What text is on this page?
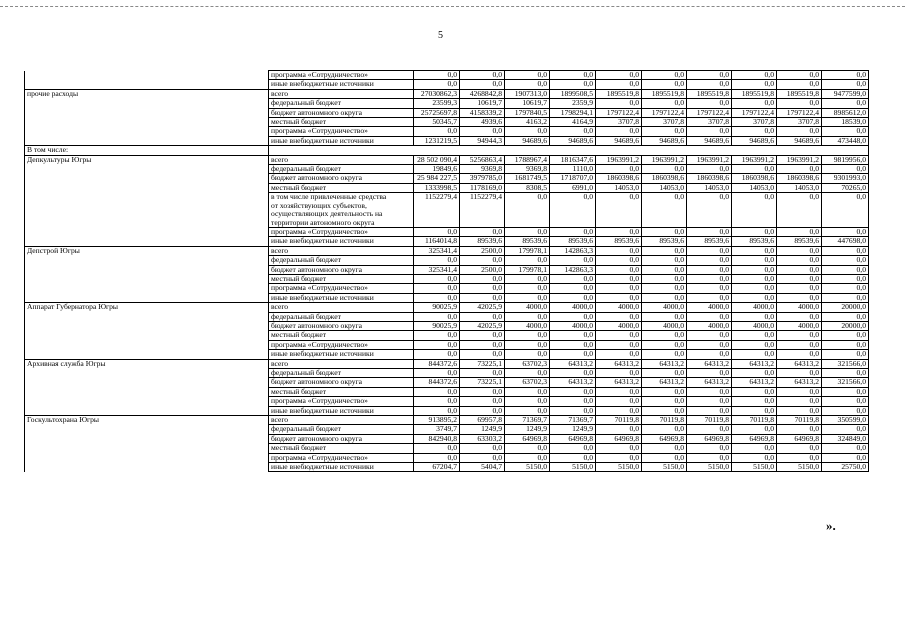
5
	программа «Сотрудничество»	0,0	0,0	0,0	0,0	0,0	0,0	0,0	0,0	0,0	0,0
	иные внебюджетные источники	0,0	0,0	0,0	0,0	0,0	0,0	0,0	0,0	0,0	0,0
прочие расходы	всего	27030862,3	4268842,8	1907313,0	1899508,5	1895519,8	1895519,8	1895519,8	1895519,8	1895519,8	9477599,0
	федеральный бюджет	23599,3	10619,7	10619,7	2359,9	0,0	0,0	0,0	0,0	0,0	0,0
	бюджет автономного округа	25725697,8	4158339,2	1797840,5	1798294,1	1797122,4	1797122,4	1797122,4	1797122,4	1797122,4	8985612,0
	местный бюджет	50345,7	4939,6	4163,2	4164,9	3707,8	3707,8	3707,8	3707,8	3707,8	18539,0
	программа «Сотрудничество»	0,0	0,0	0,0	0,0	0,0	0,0	0,0	0,0	0,0	0,0
	иные внебюджетные источники	1231219,5	94944,3	94689,6	94689,6	94689,6	94689,6	94689,6	94689,6	94689,6	473448,0
В том числе:											
Депкультуры Югры	всего	28 502 090,4	5256863,4	1788967,4	1816347,6	1963991,2	1963991,2	1963991,2	1963991,2	1963991,2	9819956,0
	федеральный бюджет	19849,6	9369,8	9369,8	1110,0	0,0	0,0	0,0	0,0	0,0	0,0
	бюджет автономного округа	25 984 227,5	3979785,0	1681749,5	1718707,0	1860398,6	1860398,6	1860398,6	1860398,6	1860398,6	9301993,0
	местный бюджет	1333998,5	1178169,0	8308,5	6991,0	14053,0	14053,0	14053,0	14053,0	14053,0	70265,0

	в том числе привлеченные средства
от хозяйствующих субъектов,
осуществляющих деятельность на
территории автономного округа	1152279,4	1152279,4	0,0	0,0	0,0	0,0	0,0	0,0	0,0	0,0
	программа «Сотрудничество»	0,0	0,0	0,0	0,0	0,0	0,0	0,0	0,0	0,0	0,0
	иные внебюджетные источники	1164014,8	89539,6	89539,6	89539,6	89539,6	89539,6	89539,6	89539,6	89539,6	447698,0
Депстрой Югры	всего	325341,4	2500,0	179978,1	142863,3	0,0	0,0	0,0	0,0	0,0	0,0
	федеральный бюджет	0,0	0,0	0,0	0,0	0,0	0,0	0,0	0,0	0,0	0,0
	бюджет автономного округа	325341,4	2500,0	179978,1	142863,3	0,0	0,0	0,0	0,0	0,0	0,0
	местный бюджет	0,0	0,0	0,0	0,0	0,0	0,0	0,0	0,0	0,0	0,0
	программа «Сотрудничество»	0,0	0,0	0,0	0,0	0,0	0,0	0,0	0,0	0,0	0,0
	иные внебюджетные источники	0,0	0,0	0,0	0,0	0,0	0,0	0,0	0,0	0,0	0,0
Аппарат Губернатора Югры	всего	90025,9	42025,9	4000,0	4000,0	4000,0	4000,0	4000,0	4000,0	4000,0	20000,0
	федеральный бюджет	0,0	0,0	0,0	0,0	0,0	0,0	0,0	0,0	0,0	0,0
	бюджет автономного округа	90025,9	42025,9	4000,0	4000,0	4000,0	4000,0	4000,0	4000,0	4000,0	20000,0
	местный бюджет	0,0	0,0	0,0	0,0	0,0	0,0	0,0	0,0	0,0	0,0
	программа «Сотрудничество»	0,0	0,0	0,0	0,0	0,0	0,0	0,0	0,0	0,0	0,0
	иные внебюджетные источники	0,0	0,0	0,0	0,0	0,0	0,0	0,0	0,0	0,0	0,0
Архивная служба Югры	всего	844372,6	73225,1	63702,3	64313,2	64313,2	64313,2	64313,2	64313,2	64313,2	321566,0
	федеральный бюджет	0,0	0,0	0,0	0,0	0,0	0,0	0,0	0,0	0,0	0,0
	бюджет автономного округа	844372,6	73225,1	63702,3	64313,2	64313,2	64313,2	64313,2	64313,2	64313,2	321566,0
	местный бюджет	0,0	0,0	0,0	0,0	0,0	0,0	0,0	0,0	0,0	0,0
	программа «Сотрудничество»	0,0	0,0	0,0	0,0	0,0	0,0	0,0	0,0	0,0	0,0
	иные внебюджетные источники	0,0	0,0	0,0	0,0	0,0	0,0	0,0	0,0	0,0	0,0
Госкультохрана Югры	всего	913895,2	69957,8	71369,7	71369,7	70119,8	70119,8	70119,8	70119,8	70119,8	350599,0
	федеральный бюджет	3749,7	1249,9	1249,9	1249,9	0,0	0,0	0,0	0,0	0,0	0,0
	бюджет автономного округа	842940,8	63303,2	64969,8	64969,8	64969,8	64969,8	64969,8	64969,8	64969,8	324849,0
	местный бюджет	0,0	0,0	0,0	0,0	0,0	0,0	0,0	0,0	0,0	0,0
	программа «Сотрудничество»	0,0	0,0	0,0	0,0	0,0	0,0	0,0	0,0	0,0	0,0
	иные внебюджетные источники	67204,7	5404,7	5150,0	5150,0	5150,0	5150,0	5150,0	5150,0	5150,0	25750,0
».
